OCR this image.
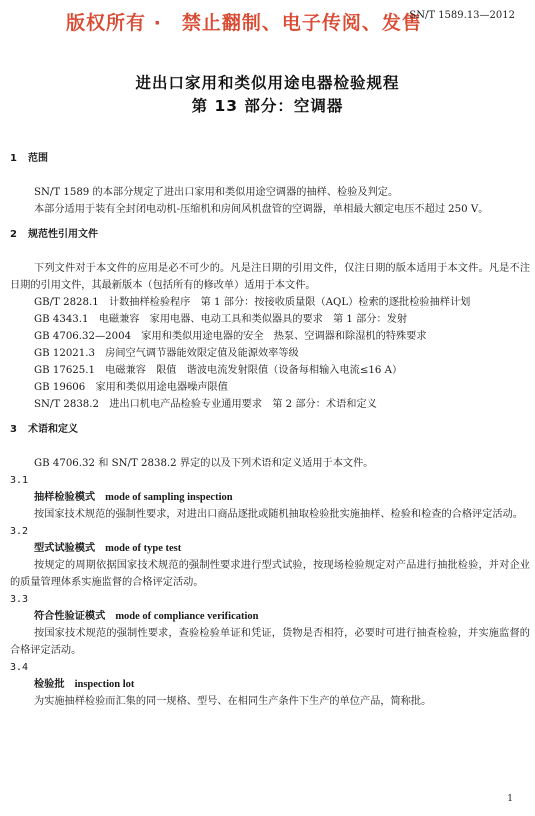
版权所有 ·　禁止翻制、电子传阅、发售
SN/T 1589.13—2012
进出口家用和类似用途电器检验规程
第 13 部分：空调器
1 范围
SN/T 1589 的本部分规定了进出口家用和类似用途空调器的抽样、检验及判定。
本部分适用于装有全封闭电动机-压缩机和房间风机盘管的空调器，单相最大额定电压不超过 250 V。
2 规范性引用文件
下列文件对于本文件的应用是必不可少的。凡是注日期的引用文件，仅注日期的版本适用于本文件。凡是不注日期的引用文件，其最新版本（包括所有的修改单）适用于本文件。
GB/T 2828.1　计数抽样检验程序　第 1 部分：按接收质量限（AQL）检索的逐批检验抽样计划
GB 4343.1　电磁兼容　家用电器、电动工具和类似器具的要求　第 1 部分：发射
GB 4706.32—2004　家用和类似用途电器的安全　热泵、空调器和除湿机的特殊要求
GB 12021.3　房间空气调节器能效限定值及能源效率等级
GB 17625.1　电磁兼容　限值　谐波电流发射限值（设备每相输入电流≤16 A）
GB 19606　家用和类似用途电器噪声限值
SN/T 2838.2　进出口机电产品检验专业通用要求　第 2 部分：术语和定义
3 术语和定义
GB 4706.32 和 SN/T 2838.2 界定的以及下列术语和定义适用于本文件。
3.1
抽样检验模式 mode of sampling inspection
按国家技术规范的强制性要求，对进出口商品逐批或随机抽取检验批实施抽样、检验和检查的合格评定活动。
3.2
型式试验模式 mode of type test
按规定的周期依据国家技术规范的强制性要求进行型式试验，按现场检验规定对产品进行抽批检验，并对企业的质量管理体系实施监督的合格评定活动。
3.3
符合性验证模式 mode of compliance verification
按国家技术规范的强制性要求，查验检验单证和凭证，货物是否相符，必要时可进行抽查检验，并实施监督的合格评定活动。
3.4
检验批 inspection lot
为实施抽样检验而汇集的同一规格、型号、在相同生产条件下生产的单位产品，简称批。
1
